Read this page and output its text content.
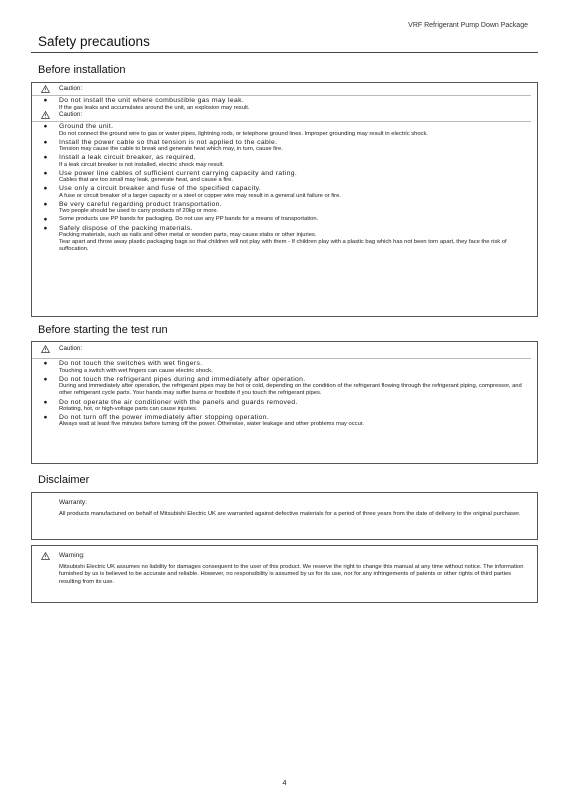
VRF Refrigerant Pump Down Package
Safety precautions
Before installation
Caution:
●	Do not install the unit where combustible gas may leak.
If the gas leaks and accumulates around the unit, an explosion may result.
Caution:
●	Ground the unit.
Do not connect the ground wire to gas or water pipes, lightning rods, or telephone ground lines. Improper grounding may result in electric shock.
●	Install the power cable so that tension is not applied to the cable.
Tension may cause the cable to break and generate heat which may, in turn, cause fire.
●	Install a leak circuit breaker, as required.
If a leak circuit breaker is not installed, electric shock may result.
●	Use power line cables of sufficient current carrying capacity and rating.
Cables that are too small may leak, generate heat, and cause a fire.
●	Use only a circuit breaker and fuse of the specified capacity.
A fuse or circuit breaker of a larger capacity or a steel or copper wire may result in a general unit failure or fire.
●	Be very careful regarding product transportation.
Two people should be used to carry products of 20kg or more.
●	Some products use PP bands for packaging. Do not use any PP bands for a means of transportation.
●	Safely dispose of the packing materials.
Packing materials, such as nails and other metal or wooden parts, may cause stabs or other injuries.
Tear apart and throw away plastic packaging bags so that children will not play with them - If children play with a plastic bag which has not been torn apart, they face the risk of suffocation.
Before starting the test run
Caution:
●	Do not touch the switches with wet fingers.
Touching a switch with wet fingers can cause electric shock.
●	Do not touch the refrigerant pipes during and immediately after operation.
During and immediately after operation, the refrigerant pipes may be hot or cold, depending on the condition of the refrigerant flowing through the refrigerant piping, compressor, and other refrigerant cycle parts. Your hands may suffer burns or frostbite if you touch the refrigerant pipes.
●	Do not operate the air conditioner with the panels and guards removed.
Rotating, hot, or high-voltage parts can cause injuries.
●	Do not turn off the power immediately after stopping operation.
Always wait at least five minutes before turning off the power. Otherwise, water leakage and other problems may occur.
Disclaimer
Warranty:
All products manufactured on behalf of Mitsubishi Electric UK are warranted against defective materials for a period of three years from the date of delivery to the original purchaser.
Warning:
Mitsubishi Electric UK assumes no liability for damages consequent to the user of this product. We reserve the right to change this manual at any time without notice. The information furnished by us is believed to be accurate and reliable. However, no responsibility is assumed by us for its use, nor for any infringements of patents or other rights of third parties resulting from its use.
4
